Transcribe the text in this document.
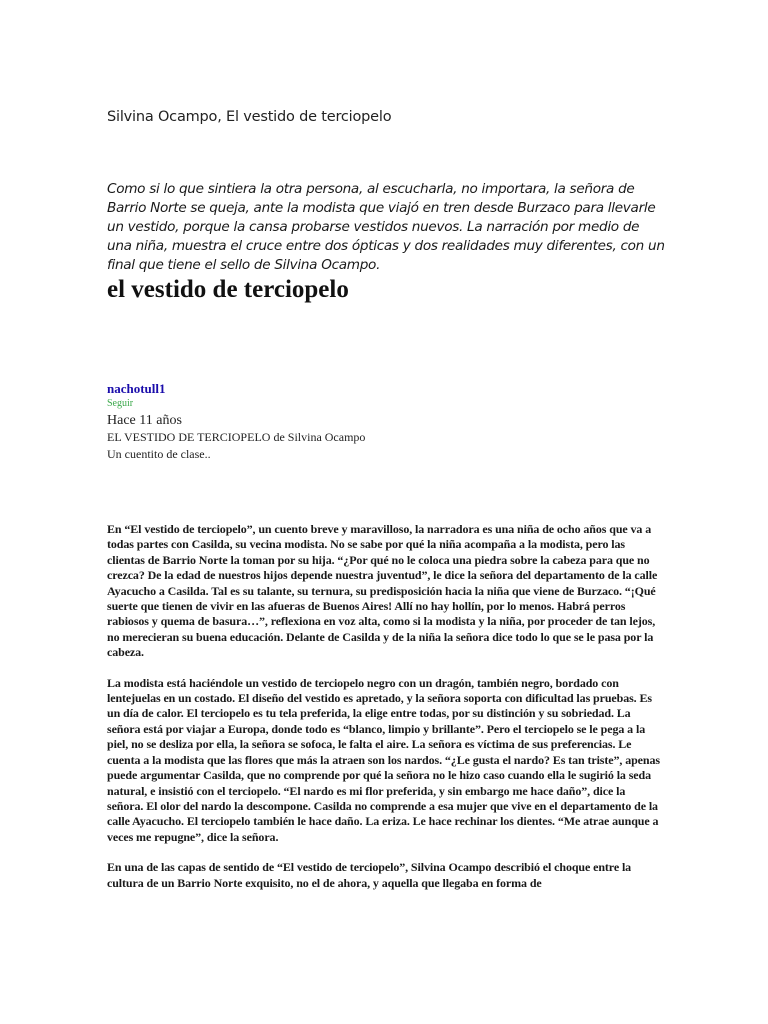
Silvina Ocampo, El vestido de terciopelo

Como si lo que sintiera la otra persona, al escucharla, no importara, la señora de Barrio Norte se queja, ante la modista que viajó en tren desde Burzaco para llevarle un vestido, porque la cansa probarse vestidos nuevos. La narración por medio de una niña, muestra el cruce entre dos ópticas y dos realidades muy diferentes, con un final que tiene el sello de Silvina Ocampo.

el vestido de terciopelo
nachotull1
Seguir
Hace 11 años
EL VESTIDO DE TERCIOPELO de Silvina Ocampo
Un cuentito de clase..

En “El vestido de terciopelo”, un cuento breve y maravilloso, la narradora es una niña de ocho años que va a todas partes con Casilda, su vecina modista. No se sabe por qué la niña acompaña a la modista, pero las clientas de Barrio Norte la toman por su hija. “¿Por qué no le coloca una piedra sobre la cabeza para que no crezca? De la edad de nuestros hijos depende nuestra juventud”, le dice la señora del departamento de la calle Ayacucho a Casilda. Tal es su talante, su ternura, su predisposición hacia la niña que viene de Burzaco. “¡Qué suerte que tienen de vivir en las afueras de Buenos Aires! Allí no hay hollín, por lo menos. Habrá perros rabiosos y quema de basura…”, reflexiona en voz alta, como si la modista y la niña, por proceder de tan lejos, no merecieran su buena educación. Delante de Casilda y de la niña la señora dice todo lo que se le pasa por la cabeza.

La modista está haciéndole un vestido de terciopelo negro con un dragón, también negro, bordado con lentejuelas en un costado. El diseño del vestido es apretado, y la señora soporta con dificultad las pruebas. Es un día de calor. El terciopelo es tu tela preferida, la elige entre todas, por su distinción y su sobriedad. La señora está por viajar a Europa, donde todo es “blanco, limpio y brillante”. Pero el terciopelo se le pega a la piel, no se desliza por ella, la señora se sofoca, le falta el aire. La señora es víctima de sus preferencias. Le cuenta a la modista que las flores que más la atraen son los nardos. “¿Le gusta el nardo? Es tan triste”, apenas puede argumentar Casilda, que no comprende por qué la señora no le hizo caso cuando ella le sugirió la seda natural, e insistió con el terciopelo. “El nardo es mi flor preferida, y sin embargo me hace daño”, dice la señora. El olor del nardo la descompone. Casilda no comprende a esa mujer que vive en el departamento de la calle Ayacucho. El terciopelo también le hace daño. La eriza. Le hace rechinar los dientes. “Me atrae aunque a veces me repugne”, dice la señora.

En una de las capas de sentido de “El vestido de terciopelo”, Silvina Ocampo describió el choque entre la cultura de un Barrio Norte exquisito, no el de ahora, y aquella que llegaba en forma de
